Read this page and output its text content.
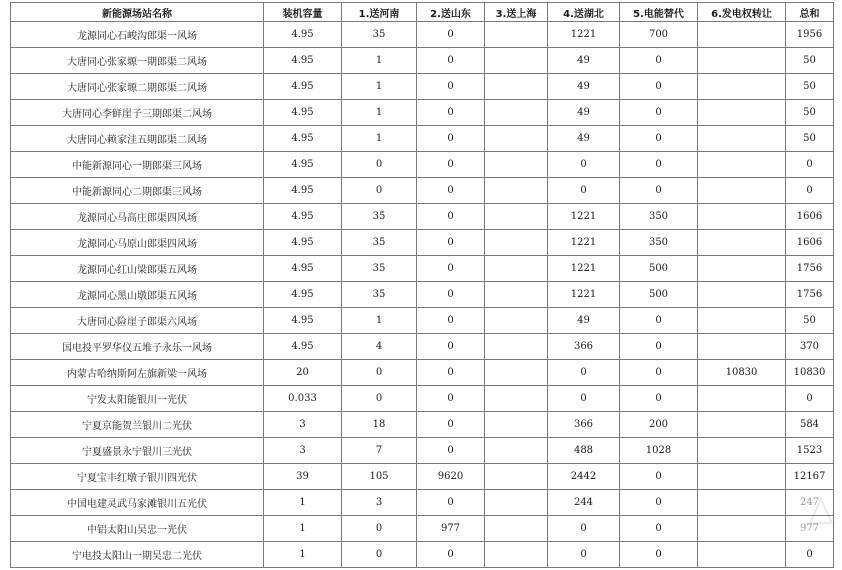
新能源场站名称	装机容量	1.送河南	2.送山东	3.送上海	4.送湖北	5.电能替代	6.发电权转让	总和
龙源同心石峻沟郎渠一风场	4.95	35	0		1221	700		1956
大唐同心张家塬一期郎渠二风场	4.95	1	0		49	0		50
大唐同心张家塬二期郎渠二风场	4.95	1	0		49	0		50
大唐同心李鲜崖子三期郎渠二风场	4.95	1	0		49	0		50
大唐同心赖家洼五期郎渠二风场	4.95	1	0		49	0		50
中能新源同心一期郎渠三风场	4.95	0	0		0	0		0
中能新源同心二期郎渠三风场	4.95	0	0		0	0		0
龙源同心马高庄郎渠四风场	4.95	35	0		1221	350		1606
龙源同心马原山郎渠四风场	4.95	35	0		1221	350		1606
龙源同心红山梁郎渠五风场	4.95	35	0		1221	500		1756
龙源同心黑山墩郎渠五风场	4.95	35	0		1221	500		1756
大唐同心险崖子郎渠六风场	4.95	1	0		49	0		50
国电投平罗华仪五堆子永乐一风场	4.95	4	0		366	0		370
内蒙古哈纳斯阿左旗新梁一风场	20	0	0		0	0	10830	10830
宁发太阳能银川一光伏	0.033	0	0		0	0		0
宁夏京能贺兰银川二光伏	3	18	0		366	200		584
宁夏盛景永宁银川三光伏	3	7	0		488	1028		1523
宁夏宝丰红墩子银川四光伏	39	105	9620		2442	0		12167
中国电建灵武马家滩银川五光伏	1	3	0		244	0		247
中铝太阳山吴忠一光伏	1	0	977		0	0		977
宁电投太阳山一期吴忠二光伏	1	0	0		0	0		0
